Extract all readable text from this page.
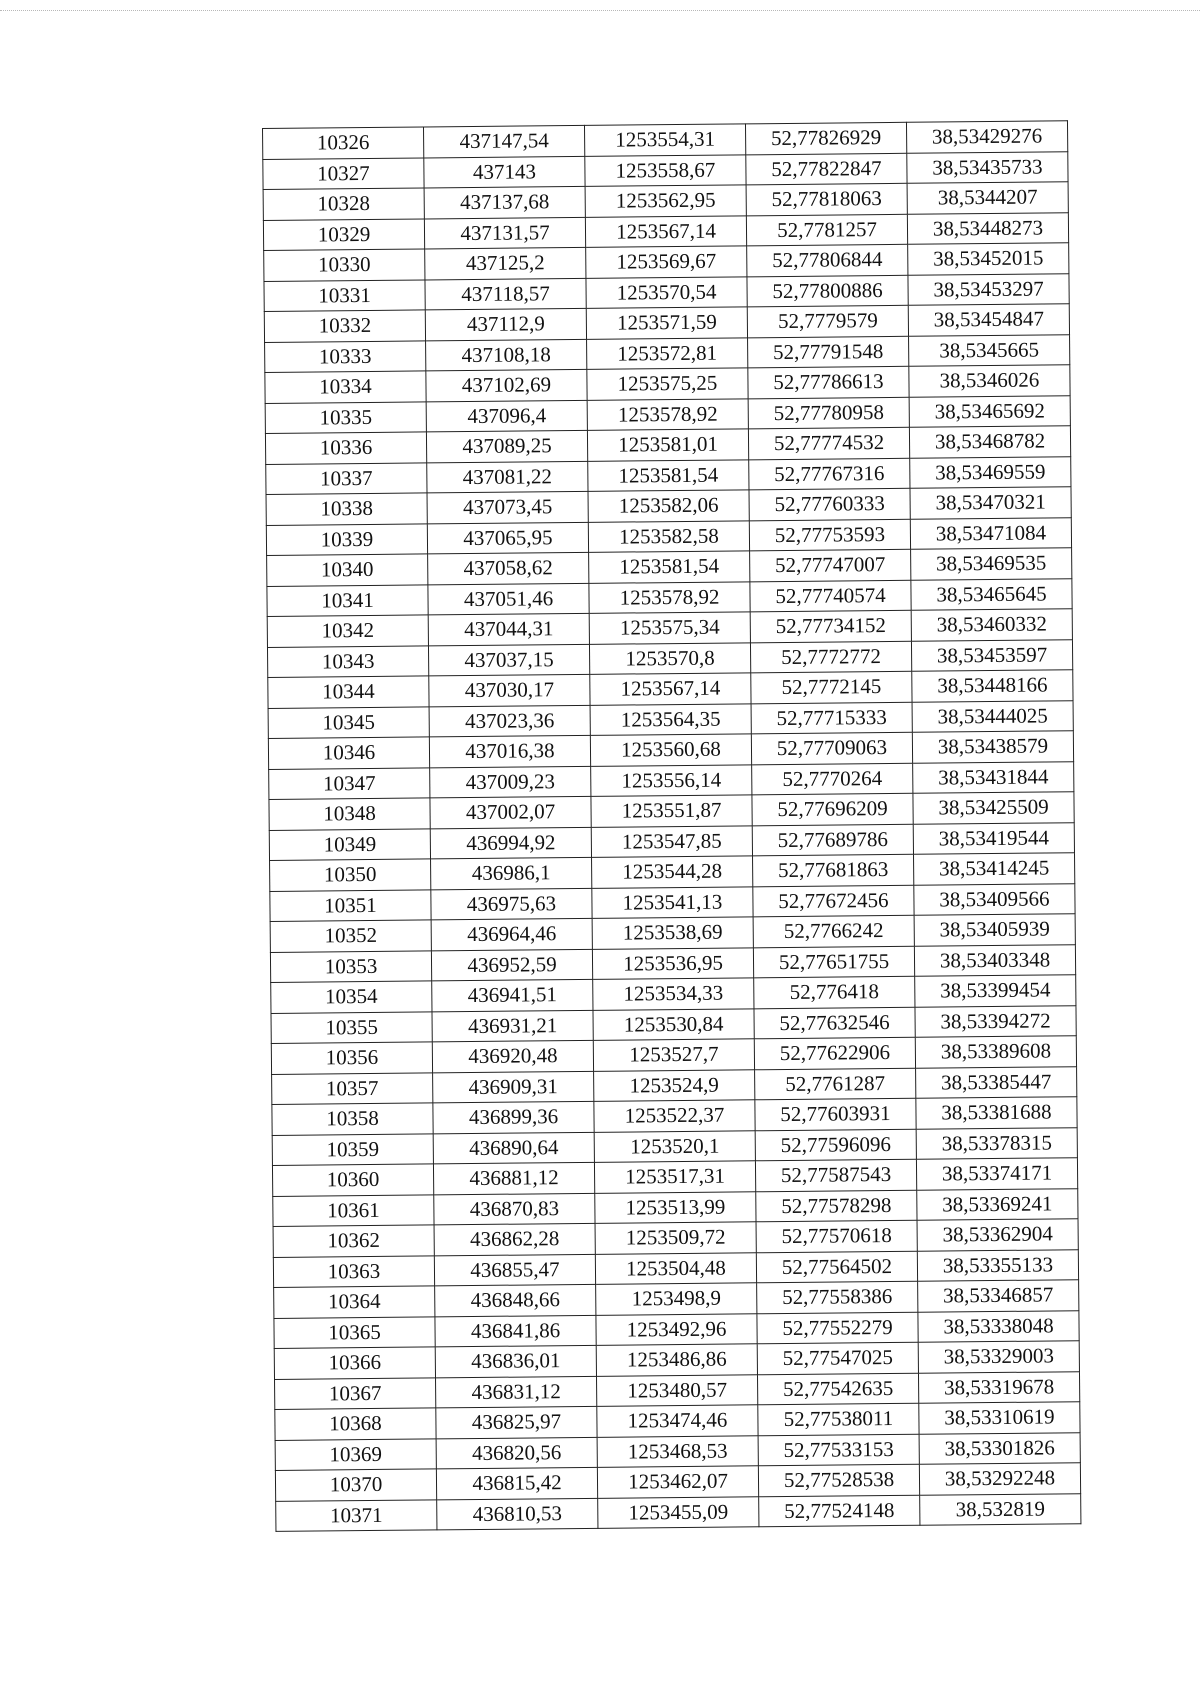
10326	437147,54	1253554,31	52,77826929	38,53429276
10327	437143	1253558,67	52,77822847	38,53435733
10328	437137,68	1253562,95	52,77818063	38,5344207
10329	437131,57	1253567,14	52,7781257	38,53448273
10330	437125,2	1253569,67	52,77806844	38,53452015
10331	437118,57	1253570,54	52,77800886	38,53453297
10332	437112,9	1253571,59	52,7779579	38,53454847
10333	437108,18	1253572,81	52,77791548	38,5345665
10334	437102,69	1253575,25	52,77786613	38,5346026
10335	437096,4	1253578,92	52,77780958	38,53465692
10336	437089,25	1253581,01	52,77774532	38,53468782
10337	437081,22	1253581,54	52,77767316	38,53469559
10338	437073,45	1253582,06	52,77760333	38,53470321
10339	437065,95	1253582,58	52,77753593	38,53471084
10340	437058,62	1253581,54	52,77747007	38,53469535
10341	437051,46	1253578,92	52,77740574	38,53465645
10342	437044,31	1253575,34	52,77734152	38,53460332
10343	437037,15	1253570,8	52,7772772	38,53453597
10344	437030,17	1253567,14	52,7772145	38,53448166
10345	437023,36	1253564,35	52,77715333	38,53444025
10346	437016,38	1253560,68	52,77709063	38,53438579
10347	437009,23	1253556,14	52,7770264	38,53431844
10348	437002,07	1253551,87	52,77696209	38,53425509
10349	436994,92	1253547,85	52,77689786	38,53419544
10350	436986,1	1253544,28	52,77681863	38,53414245
10351	436975,63	1253541,13	52,77672456	38,53409566
10352	436964,46	1253538,69	52,7766242	38,53405939
10353	436952,59	1253536,95	52,77651755	38,53403348
10354	436941,51	1253534,33	52,776418	38,53399454
10355	436931,21	1253530,84	52,77632546	38,53394272
10356	436920,48	1253527,7	52,77622906	38,53389608
10357	436909,31	1253524,9	52,7761287	38,53385447
10358	436899,36	1253522,37	52,77603931	38,53381688
10359	436890,64	1253520,1	52,77596096	38,53378315
10360	436881,12	1253517,31	52,77587543	38,53374171
10361	436870,83	1253513,99	52,77578298	38,53369241
10362	436862,28	1253509,72	52,77570618	38,53362904
10363	436855,47	1253504,48	52,77564502	38,53355133
10364	436848,66	1253498,9	52,77558386	38,53346857
10365	436841,86	1253492,96	52,77552279	38,53338048
10366	436836,01	1253486,86	52,77547025	38,53329003
10367	436831,12	1253480,57	52,77542635	38,53319678
10368	436825,97	1253474,46	52,77538011	38,53310619
10369	436820,56	1253468,53	52,77533153	38,53301826
10370	436815,42	1253462,07	52,77528538	38,53292248
10371	436810,53	1253455,09	52,77524148	38,532819
